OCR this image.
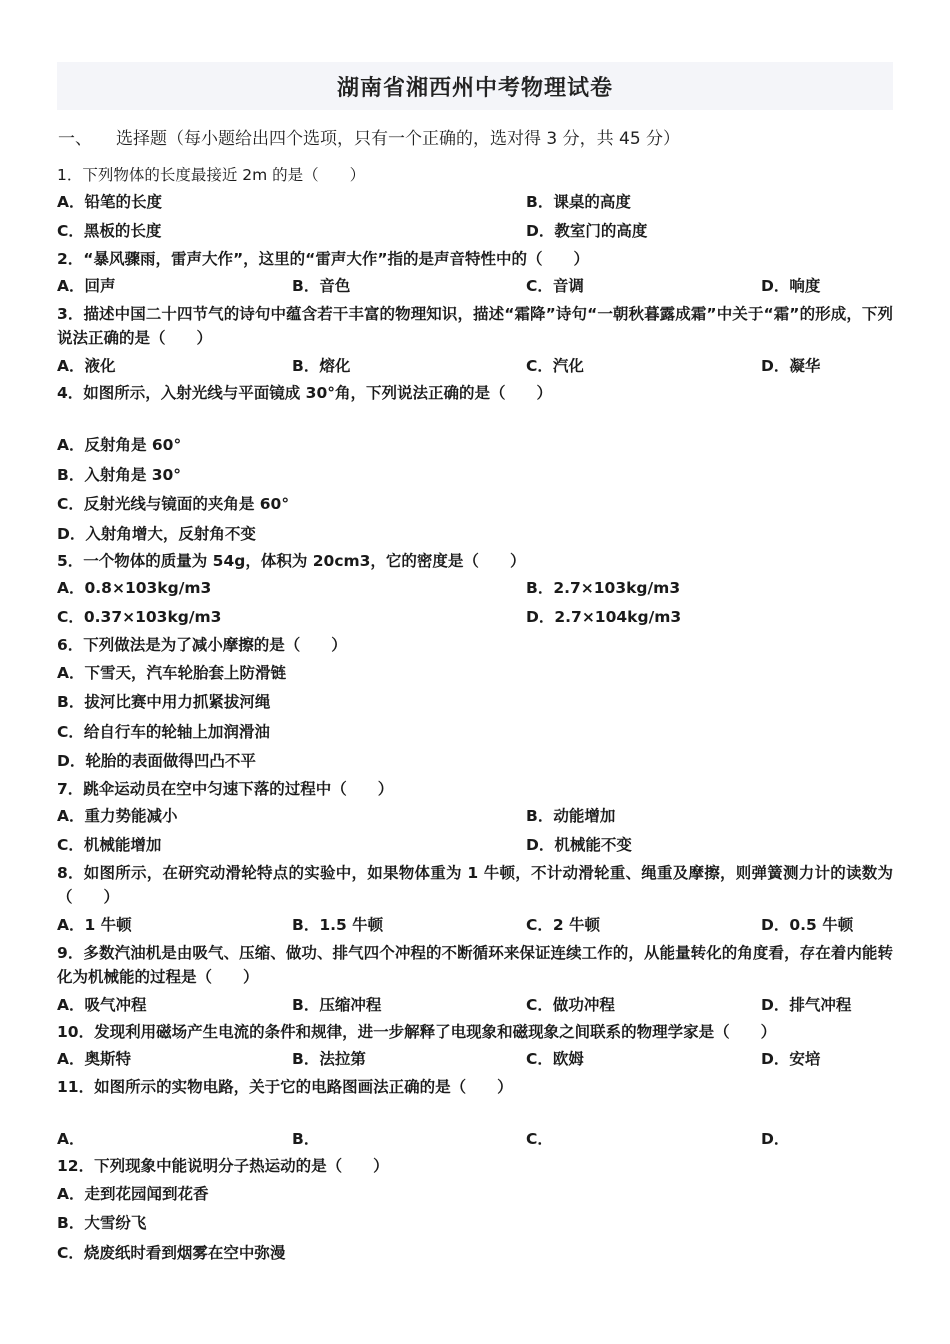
湖南省湘西州中考物理试卷
一、 选择题（每小题给出四个选项，只有一个正确的，选对得 3 分，共 45 分）
1．下列物体的长度最接近 2m 的是（　　）
A．铅笔的长度	B．课桌的高度
C．黑板的长度	D．教室门的高度
2．“暴风骤雨，雷声大作”，这里的“雷声大作”指的是声音特性中的（　　）
A．回声	B．音色	C．音调	D．响度
3．描述中国二十四节气的诗句中蕴含若干丰富的物理知识，描述“霜降”诗句“一朝秋暮露成霜”中关于“霜”的形成，下列说法正确的是（　　）
A．液化	B．熔化	C．汽化	D．凝华
4．如图所示，入射光线与平面镜成 30°角，下列说法正确的是（　　）
A．反射角是 60°
B．入射角是 30°
C．反射光线与镜面的夹角是 60°
D．入射角增大，反射角不变
5．一个物体的质量为 54g，体积为 20cm3，它的密度是（　　）
A．0.8×103kg/m3	B．2.7×103kg/m3
C．0.37×103kg/m3	D．2.7×104kg/m3
6．下列做法是为了减小摩擦的是（　　）
A．下雪天，汽车轮胎套上防滑链
B．拔河比赛中用力抓紧拔河绳
C．给自行车的轮轴上加润滑油
D．轮胎的表面做得凹凸不平
7．跳伞运动员在空中匀速下落的过程中（　　）
A．重力势能减小	B．动能增加
C．机械能增加	D．机械能不变
8．如图所示，在研究动滑轮特点的实验中，如果物体重为 1 牛顿，不计动滑轮重、绳重及摩擦，则弹簧测力计的读数为（　　）
A．1 牛顿	B．1.5 牛顿	C．2 牛顿	D．0.5 牛顿
9．多数汽油机是由吸气、压缩、做功、排气四个冲程的不断循环来保证连续工作的，从能量转化的角度看，存在着内能转化为机械能的过程是（　　）
A．吸气冲程	B．压缩冲程	C．做功冲程	D．排气冲程
10．发现利用磁场产生电流的条件和规律，进一步解释了电现象和磁现象之间联系的物理学家是（　　）
A．奥斯特	B．法拉第	C．欧姆	D．安培
11．如图所示的实物电路，关于它的电路图画法正确的是（　　）
A．	B．	C．	D．
12．下列现象中能说明分子热运动的是（　　）
A．走到花园闻到花香
B．大雪纷飞
C．烧废纸时看到烟雾在空中弥漫
